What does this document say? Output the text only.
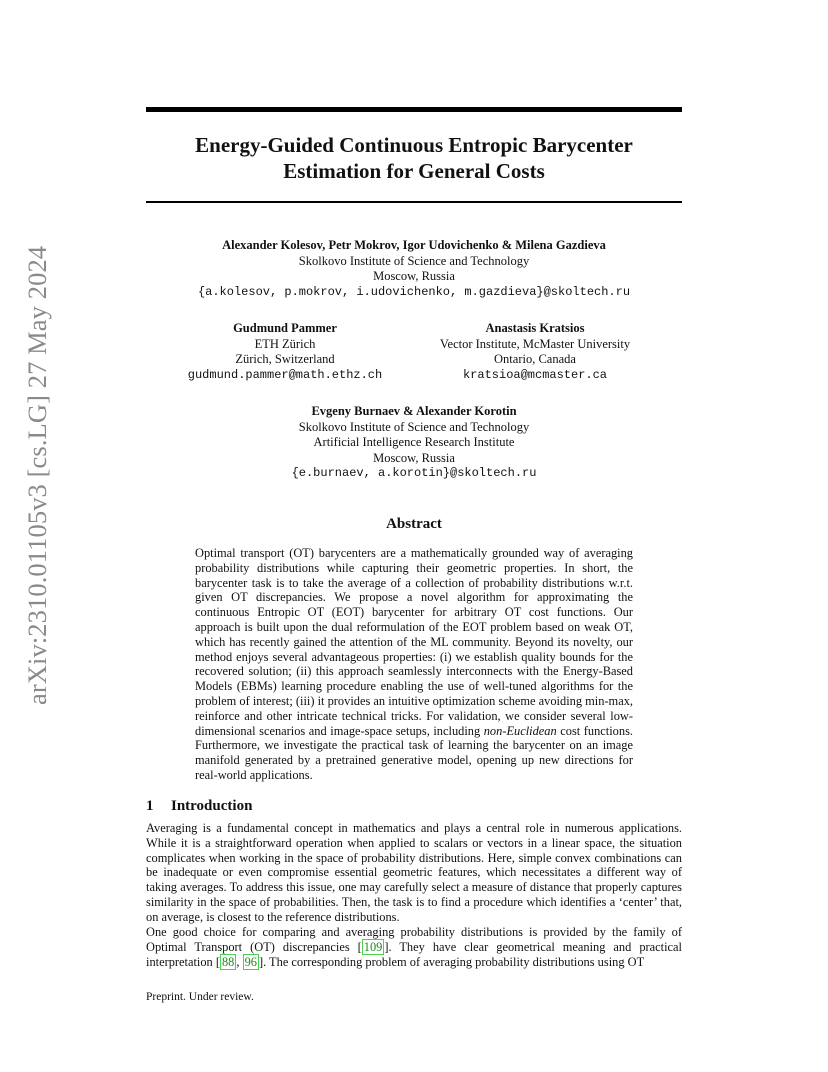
arXiv:2310.01105v3 [cs.LG] 27 May 2024
Energy-Guided Continuous Entropic Barycenter
Estimation for General Costs
Alexander Kolesov, Petr Mokrov, Igor Udovichenko & Milena Gazdieva
Skolkovo Institute of Science and Technology
Moscow, Russia
{a.kolesov, p.mokrov, i.udovichenko, m.gazdieva}@skoltech.ru
Gudmund Pammer
ETH Zürich
Zürich, Switzerland
gudmund.pammer@math.ethz.ch
Anastasis Kratsios
Vector Institute, McMaster University
Ontario, Canada
kratsioa@mcmaster.ca
Evgeny Burnaev & Alexander Korotin
Skolkovo Institute of Science and Technology
Artificial Intelligence Research Institute
Moscow, Russia
{e.burnaev, a.korotin}@skoltech.ru
Abstract
Optimal transport (OT) barycenters are a mathematically grounded way of averaging probability distributions while capturing their geometric properties. In short, the barycenter task is to take the average of a collection of probability distributions w.r.t. given OT discrepancies. We propose a novel algorithm for approximating the continuous Entropic OT (EOT) barycenter for arbitrary OT cost functions. Our approach is built upon the dual reformulation of the EOT problem based on weak OT, which has recently gained the attention of the ML community. Beyond its novelty, our method enjoys several advantageous properties: (i) we establish quality bounds for the recovered solution; (ii) this approach seamlessly interconnects with the Energy-Based Models (EBMs) learning procedure enabling the use of well-tuned algorithms for the problem of interest; (iii) it provides an intuitive optimization scheme avoiding min-max, reinforce and other intricate technical tricks. For validation, we consider several low-dimensional scenarios and image-space setups, including non-Euclidean cost functions. Furthermore, we investigate the practical task of learning the barycenter on an image manifold generated by a pretrained generative model, opening up new directions for real-world applications.
1 Introduction
Averaging is a fundamental concept in mathematics and plays a central role in numerous applications. While it is a straightforward operation when applied to scalars or vectors in a linear space, the situation complicates when working in the space of probability distributions. Here, simple convex combinations can be inadequate or even compromise essential geometric features, which necessitates a different way of taking averages. To address this issue, one may carefully select a measure of distance that properly captures similarity in the space of probabilities. Then, the task is to find a procedure which identifies a ‘center’ that, on average, is closest to the reference distributions.
One good choice for comparing and averaging probability distributions is provided by the family of Optimal Transport (OT) discrepancies [ 109 ]. They have clear geometrical meaning and practical interpretation [ 88 , 96 ]. The corresponding problem of averaging probability distributions using OT
Preprint. Under review.
